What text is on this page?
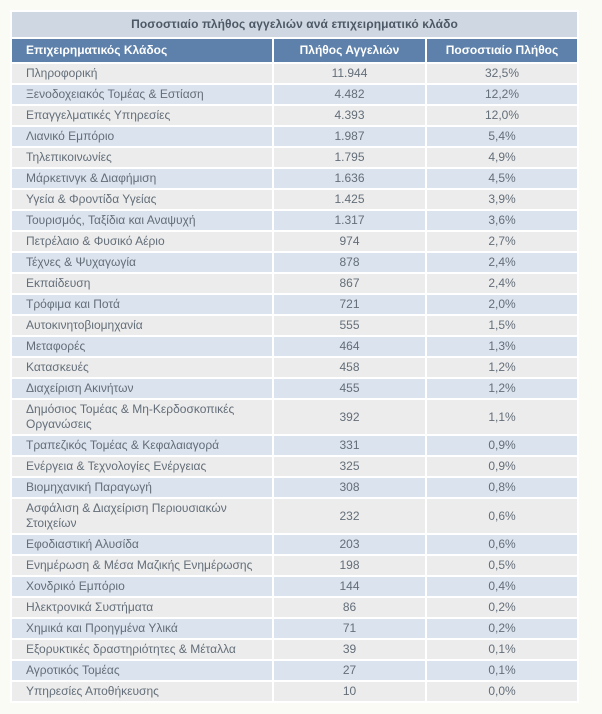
Ποσοστιαίο πλήθος αγγελιών ανά επιχειρηματικό κλάδο		
Επιχειρηματικός Κλάδος	Πλήθος Αγγελιών	Ποσοστιαίο Πλήθος
Πληροφορική	11.944	32,5%
Ξενοδοχειακός Τομέας & Εστίαση	4.482	12,2%
Επαγγελματικές Υπηρεσίες	4.393	12,0%
Λιανικό Εμπόριο	1.987	5,4%
Τηλεπικοινωνίες	1.795	4,9%
Μάρκετινγκ & Διαφήμιση	1.636	4,5%
Υγεία & Φροντίδα Υγείας	1.425	3,9%
Τουρισμός, Ταξίδια και Αναψυχή	1.317	3,6%
Πετρέλαιο & Φυσικό Αέριο	974	2,7%
Τέχνες & Ψυχαγωγία	878	2,4%
Εκπαίδευση	867	2,4%
Τρόφιμα και Ποτά	721	2,0%
Αυτοκινητοβιομηχανία	555	1,5%
Μεταφορές	464	1,3%
Κατασκευές	458	1,2%
Διαχείριση Ακινήτων	455	1,2%
Δημόσιος Τομέας & Μη-Κερδοσκοπικές Οργανώσεις	392	1,1%
Τραπεζικός Τομέας & Κεφαλαιαγορά	331	0,9%
Ενέργεια & Τεχνολογίες Ενέργειας	325	0,9%
Βιομηχανική Παραγωγή	308	0,8%
Ασφάλιση & Διαχείριση Περιουσιακών Στοιχείων	232	0,6%
Εφοδιαστική Αλυσίδα	203	0,6%
Ενημέρωση & Μέσα Μαζικής Ενημέρωσης	198	0,5%
Χονδρικό Εμπόριο	144	0,4%
Ηλεκτρονικά Συστήματα	86	0,2%
Χημικά και Προηγμένα Υλικά	71	0,2%
Εξορυκτικές δραστηριότητες & Μέταλλα	39	0,1%
Αγροτικός Τομέας	27	0,1%
Υπηρεσίες Αποθήκευσης	10	0,0%
